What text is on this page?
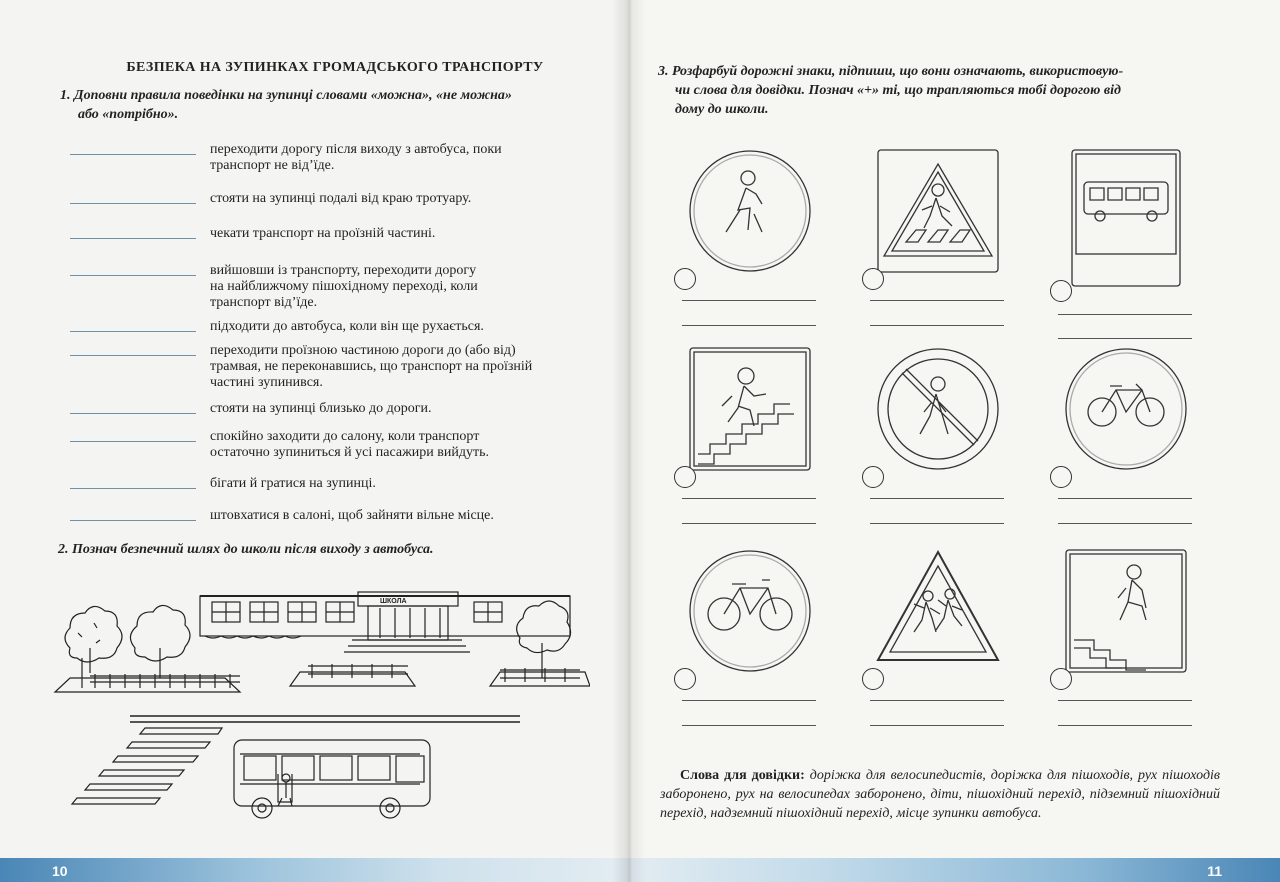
БЕЗПЕКА НА ЗУПИНКАХ ГРОМАДСЬКОГО ТРАНСПОРТУ
1. Доповни правила поведінки на зупинці словами «можна», «не можна»
або «потрібно».
переходити дорогу після виходу з автобуса, поки
транспорт не від’їде.
стояти на зупинці подалі від краю тротуару.
чекати транспорт на проїзній частині.
вийшовши із транспорту, переходити дорогу
на найближчому пішохідному переході, коли
транспорт від’їде.
підходити до автобуса, коли він ще рухається.
переходити проїзною частиною дороги до (або від)
трамвая, не переконавшись, що транспорт на проїзній
частині зупинився.
стояти на зупинці близько до дороги.
спокійно заходити до салону, коли транспорт
остаточно зупиниться й усі пасажири вийдуть.
бігати й гратися на зупинці.
штовхатися в салоні, щоб зайняти вільне місце.
2. Познач безпечний шлях до школи після виходу з автобуса.
ШКОЛА
10	11
3. Розфарбуй дорожні знаки, підпиши, що вони означають, використовую-
чи слова для довідки. Познач «+» ті, що трапляються тобі дорогою від
дому до школи.
Слова для довідки: доріжка для велосипедистів, доріжка для пішоходів, рух пішоходів заборонено, рух на велосипедах заборонено, діти, пішохідний перехід, підземний пішохідний перехід, надземний пішохідний перехід, місце зупинки автобуса.
